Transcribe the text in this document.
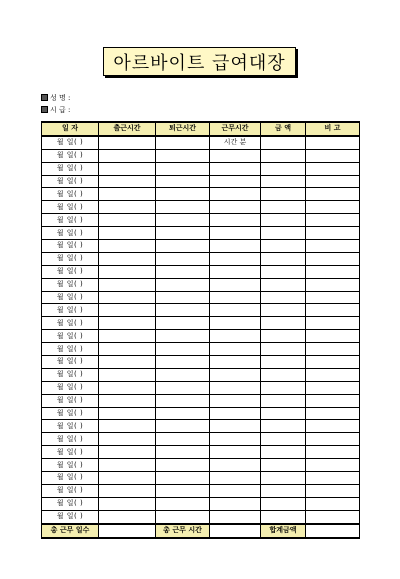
아르바이트 급여대장
성 명 :
시 급 :
일 자	출근시간	퇴근시간	근무시간	금 액	비 고
월 일( )			시간 분		
월 일( )					
월 일( )					
월 일( )					
월 일( )					
월 일( )					
월 일( )					
월 일( )					
월 일( )					
월 일( )					
월 일( )					
월 일( )					
월 일( )					
월 일( )					
월 일( )					
월 일( )					
월 일( )					
월 일( )					
월 일( )					
월 일( )					
월 일( )					
월 일( )					
월 일( )					
월 일( )					
월 일( )					
월 일( )					
월 일( )					
월 일( )					
월 일( )					
월 일( )					
총 근무 일수		총 근무 시간		합계금액	
